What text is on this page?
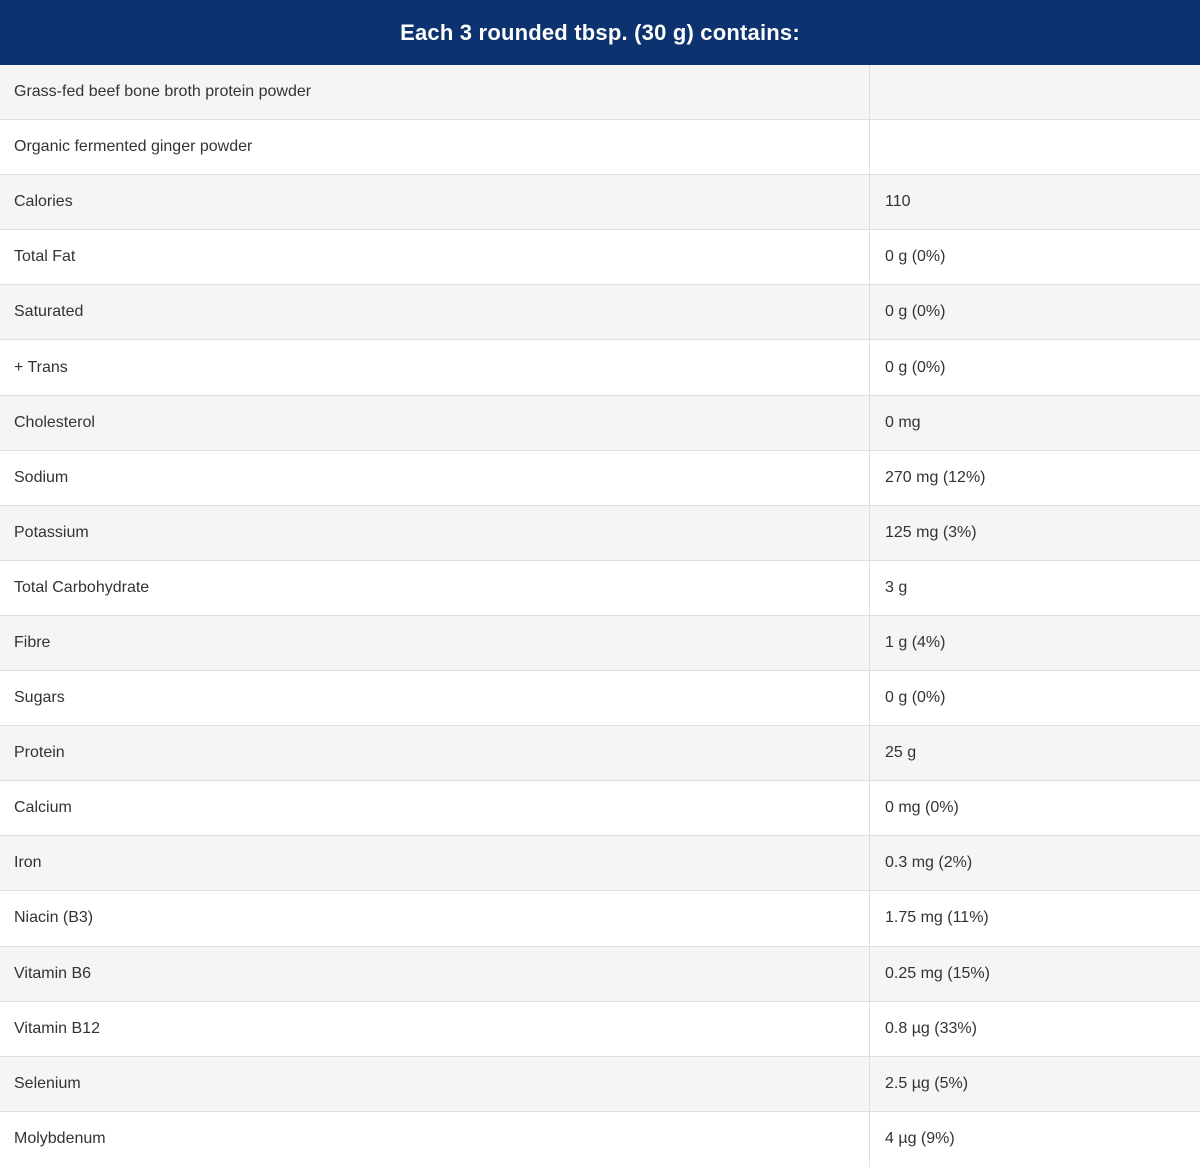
Each 3 rounded tbsp. (30 g) contains:
Grass-fed beef bone broth protein powder
Organic fermented ginger powder
Calories	110
Total Fat	0 g (0%)
Saturated	0 g (0%)
+ Trans	0 g (0%)
Cholesterol	0 mg
Sodium	270 mg (12%)
Potassium	125 mg (3%)
Total Carbohydrate	3 g
Fibre	1 g (4%)
Sugars	0 g (0%)
Protein	25 g
Calcium	0 mg (0%)
Iron	0.3 mg (2%)
Niacin (B3)	1.75 mg (11%)
Vitamin B6	0.25 mg (15%)
Vitamin B12	0.8 µg (33%)
Selenium	2.5 µg (5%)
Molybdenum	4 µg (9%)
